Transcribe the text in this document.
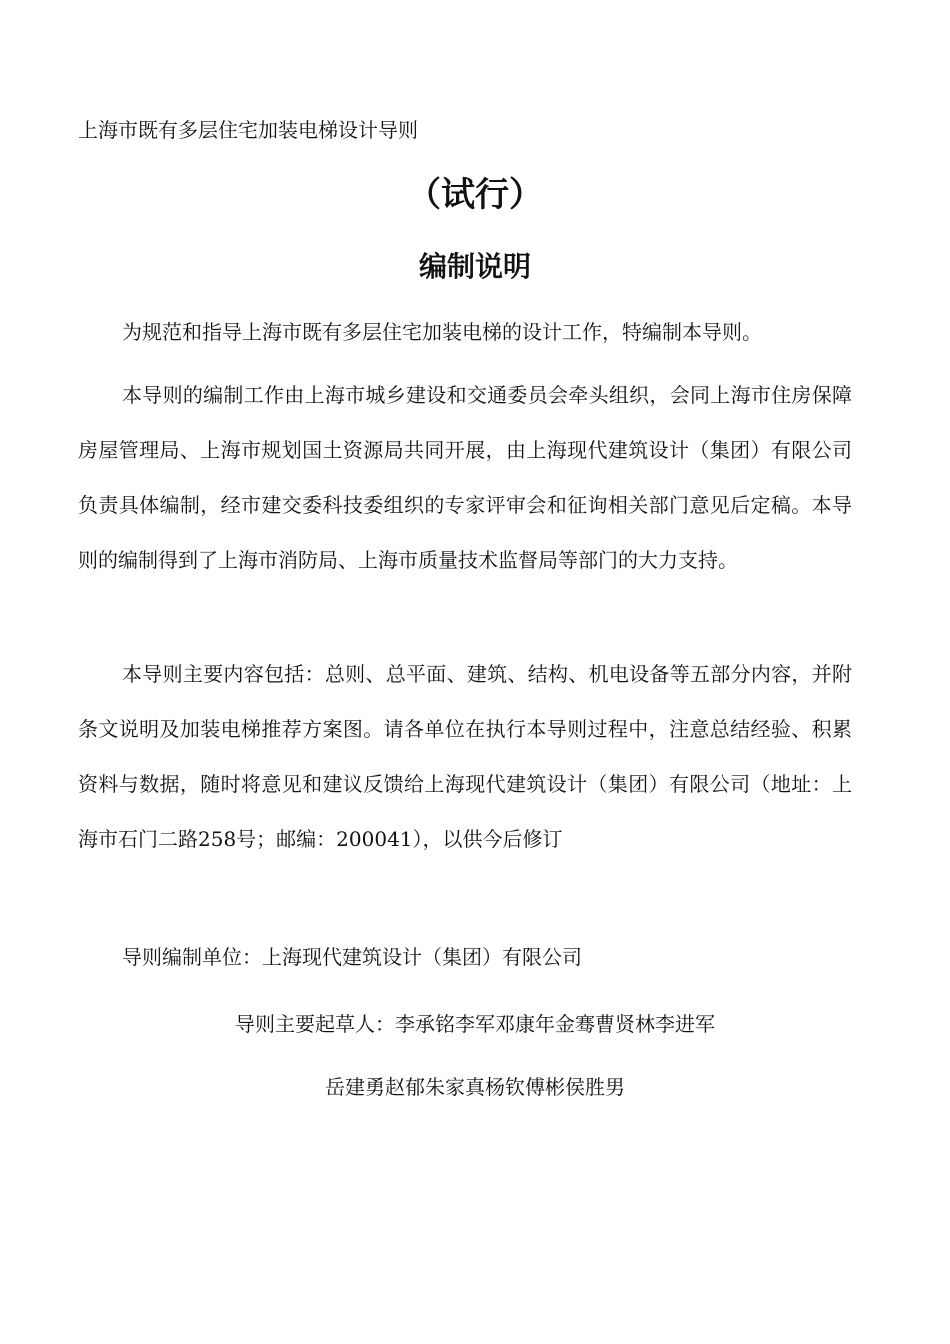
上海市既有多层住宅加装电梯设计导则
（试行）
编制说明

为规范和指导上海市既有多层住宅加装电梯的设计工作，特编制本导则。

本导则的编制工作由上海市城乡建设和交通委员会牵头组织，会同上海市住房保障房屋管理局、上海市规划国土资源局共同开展，由上海现代建筑设计（集团）有限公司负责具体编制，经市建交委科技委组织的专家评审会和征询相关部门意见后定稿。本导则的编制得到了上海市消防局、上海市质量技术监督局等部门的大力支持。

本导则主要内容包括：总则、总平面、建筑、结构、机电设备等五部分内容，并附条文说明及加装电梯推荐方案图。请各单位在执行本导则过程中，注意总结经验、积累资料与数据，随时将意见和建议反馈给上海现代建筑设计（集团）有限公司（地址：上海市石门二路258号；邮编：200041），以供今后修订

导则编制单位：上海现代建筑设计（集团）有限公司
导则主要起草人：李承铭李军邓康年金骞曹贤林李进军
岳建勇赵郁朱家真杨钦傅彬侯胜男
